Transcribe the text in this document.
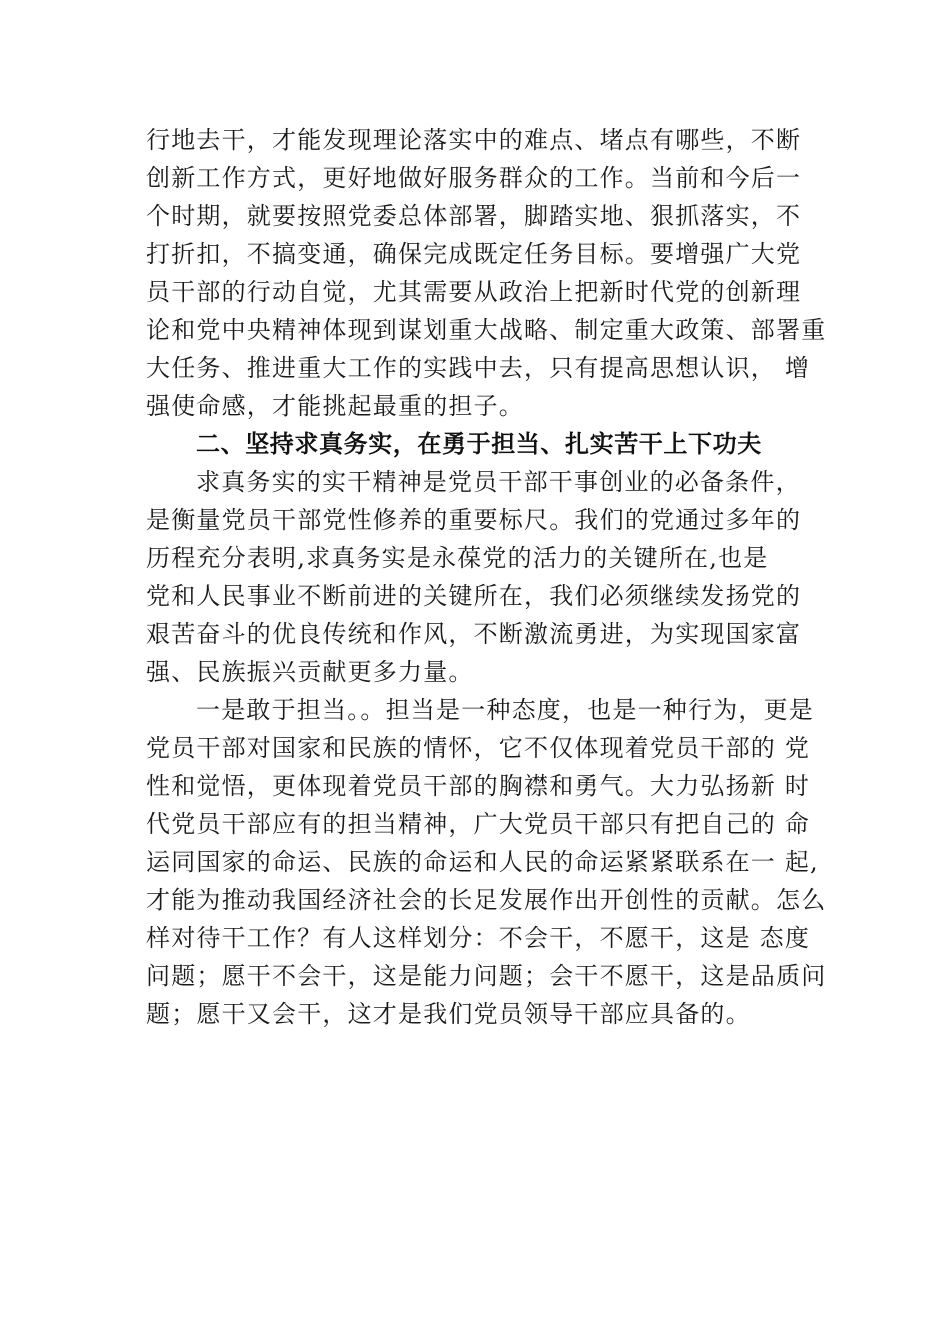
行地去干，才能发现理论落实中的难点、堵点有哪些，不断
创新工作方式，更好地做好服务群众的工作。当前和今后一
个时期，就要按照党委总体部署，脚踏实地、狠抓落实，不
打折扣，不搞变通，确保完成既定任务目标。要增强广大党
员干部的行动自觉，尤其需要从政治上把新时代党的创新理
论和党中央精神体现到谋划重大战略、制定重大政策、部署重
大任务、推进重大工作的实践中去，只有提高思想认识， 增
强使命感，才能挑起最重的担子。
二、坚持求真务实，在勇于担当、扎实苦干上下功夫
求真务实的实干精神是党员干部干事创业的必备条件，
是衡量党员干部党性修养的重要标尺。我们的党通过多年的
历程充分表明,求真务实是永葆党的活力的关键所在,也是
党和人民事业不断前进的关键所在，我们必须继续发扬党的
艰苦奋斗的优良传统和作风，不断激流勇进，为实现国家富
强、民族振兴贡献更多力量。
一是敢于担当。。担当是一种态度，也是一种行为，更是
党员干部对国家和民族的情怀，它不仅体现着党员干部的 党
性和觉悟，更体现着党员干部的胸襟和勇气。大力弘扬新 时
代党员干部应有的担当精神，广大党员干部只有把自己的 命
运同国家的命运、民族的命运和人民的命运紧紧联系在一 起,
才能为推动我国经济社会的长足发展作出开创性的贡献。怎么
样对待干工作？有人这样划分：不会干，不愿干，这是 态度
问题；愿干不会干，这是能力问题；会干不愿干，这是品质问
题；愿干又会干，这才是我们党员领导干部应具备的。
